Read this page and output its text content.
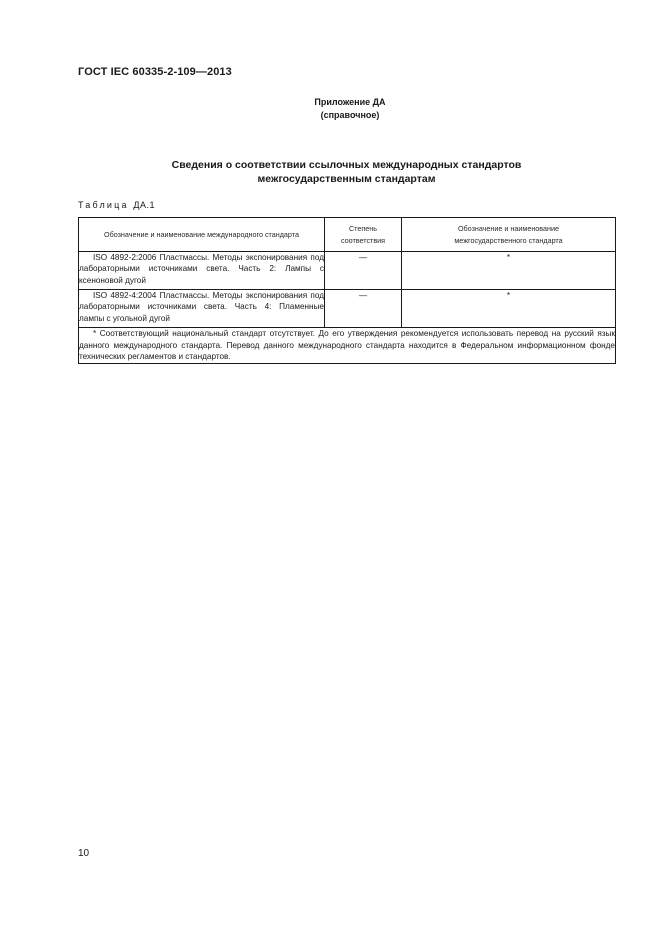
ГОСТ IEC 60335-2-109—2013
Приложение ДА
(справочное)
Сведения о соответствии ссылочных международных стандартов
межгосударственным стандартам
Таблица ДА.1
Обозначение и наименование международного стандарта	Степень соответствия	Обозначение и наименование межгосударственного стандарта
ISO 4892-2:2006 Пластмассы. Методы экспонирования под лабораторными источниками света. Часть 2: Лампы с ксеноновой дугой	—	*
ISO 4892-4:2004 Пластмассы. Методы экспонирования под лабораторными источниками света. Часть 4: Пламенные лампы с угольной дугой	—	*
* Соответствующий национальный стандарт отсутствует. До его утверждения рекомендуется использовать перевод на русский язык данного международного стандарта. Перевод данного международного стандарта находится в Федеральном информационном фонде технических регламентов и стандартов.		
10
